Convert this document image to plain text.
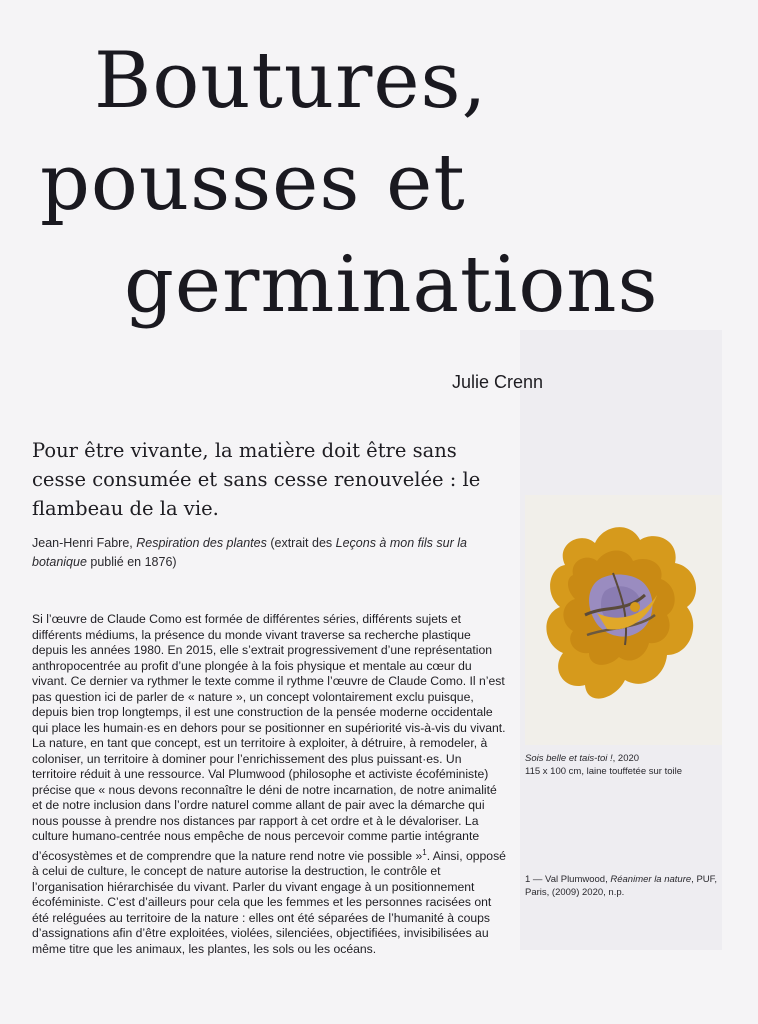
Boutures,
pousses et
germinations
Julie Crenn

Pour être vivante, la matière doit être sans cesse consumée et sans cesse renouvelée : le flambeau de la vie.

Jean-Henri Fabre, Respiration des plantes (extrait des Leçons à mon fils sur la botanique publié en 1876)

Si l’œuvre de Claude Como est formée de différentes séries, différents sujets et différents médiums, la présence du monde vivant traverse sa recherche plastique depuis les années 1980. En 2015, elle s’extrait progressivement d’une représentation anthropocentrée au profit d’une plongée à la fois physique et mentale au cœur du vivant. Ce dernier va rythmer le texte comme il rythme l’œuvre de Claude Como. Il n’est pas question ici de parler de « nature », un concept volontairement exclu puisque, depuis bien trop longtemps, il est une construction de la pensée moderne occidentale qui place les humain·es en dehors pour se positionner en supériorité vis-à-vis du vivant. La nature, en tant que concept, est un territoire à exploiter, à détruire, à remodeler, à coloniser, un territoire à dominer pour l’enrichissement des plus puissant·es. Un territoire réduit à une ressource. Val Plumwood (philosophe et activiste écoféministe) précise que « nous devons reconnaître le déni de notre incarnation, de notre animalité et de notre inclusion dans l’ordre naturel comme allant de pair avec la démarche qui nous pousse à prendre nos distances par rapport à cet ordre et à le dévaloriser. La culture humano-centrée nous empêche de nous percevoir comme partie intégrante d’écosystèmes et de comprendre que la nature rend notre vie possible »$^1$. Ainsi, opposé à celui de culture, le concept de nature autorise la destruction, le contrôle et l’organisation hiérarchisée du vivant. Parler du vivant engage à un positionnement écoféministe. C’est d’ailleurs pour cela que les femmes et les personnes racisées ont été reléguées au territoire de la nature : elles ont été séparées de l’humanité à coups d’assignations afin d’être exploitées, violées, silenciées, objectifiées, invisibilisées au même titre que les animaux, les plantes, les sols ou les océans.

Sois belle et tais-toi !, 2020
115 x 100 cm, laine touffetée sur toile

1 — Val Plumwood, Réanimer la nature, PUF, Paris, (2009) 2020, n.p.
